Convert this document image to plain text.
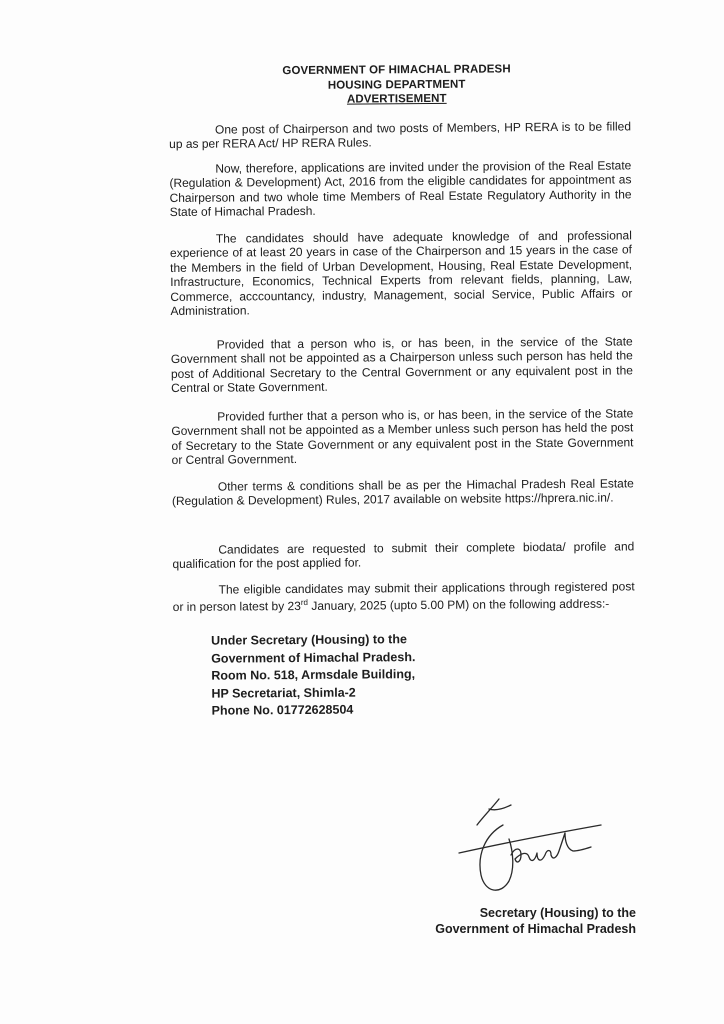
GOVERNMENT OF HIMACHAL PRADESH
HOUSING DEPARTMENT
ADVERTISEMENT
One post of Chairperson and two posts of Members, HP RERA is to be filled up as per RERA Act/ HP RERA Rules.
Now, therefore, applications are invited under the provision of the Real Estate (Regulation & Development) Act, 2016 from the eligible candidates for appointment as Chairperson and two whole time Members of Real Estate Regulatory Authority in the State of Himachal Pradesh.
The candidates should have adequate knowledge of and professional experience of at least 20 years in case of the Chairperson and 15 years in the case of the Members in the field of Urban Development, Housing, Real Estate Development, Infrastructure, Economics, Technical Experts from relevant fields, planning, Law, Commerce, acccountancy, industry, Management, social Service, Public Affairs or Administration.
Provided that a person who is, or has been, in the service of the State Government shall not be appointed as a Chairperson unless such person has held the post of Additional Secretary to the Central Government or any equivalent post in the Central or State Government.
Provided further that a person who is, or has been, in the service of the State Government shall not be appointed as a Member unless such person has held the post of Secretary to the State Government or any equivalent post in the State Government or Central Government.
Other terms & conditions shall be as per the Himachal Pradesh Real Estate (Regulation & Development) Rules, 2017 available on website https://hprera.nic.in/.
Candidates are requested to submit their complete biodata/ profile and qualification for the post applied for.
The eligible candidates may submit their applications through registered post or in person latest by 23rd January, 2025 (upto 5.00 PM) on the following address:-
Under Secretary (Housing) to the
Government of Himachal Pradesh.
Room No. 518, Armsdale Building,
HP Secretariat, Shimla-2
Phone No. 01772628504
Secretary (Housing) to the
Government of Himachal Pradesh
